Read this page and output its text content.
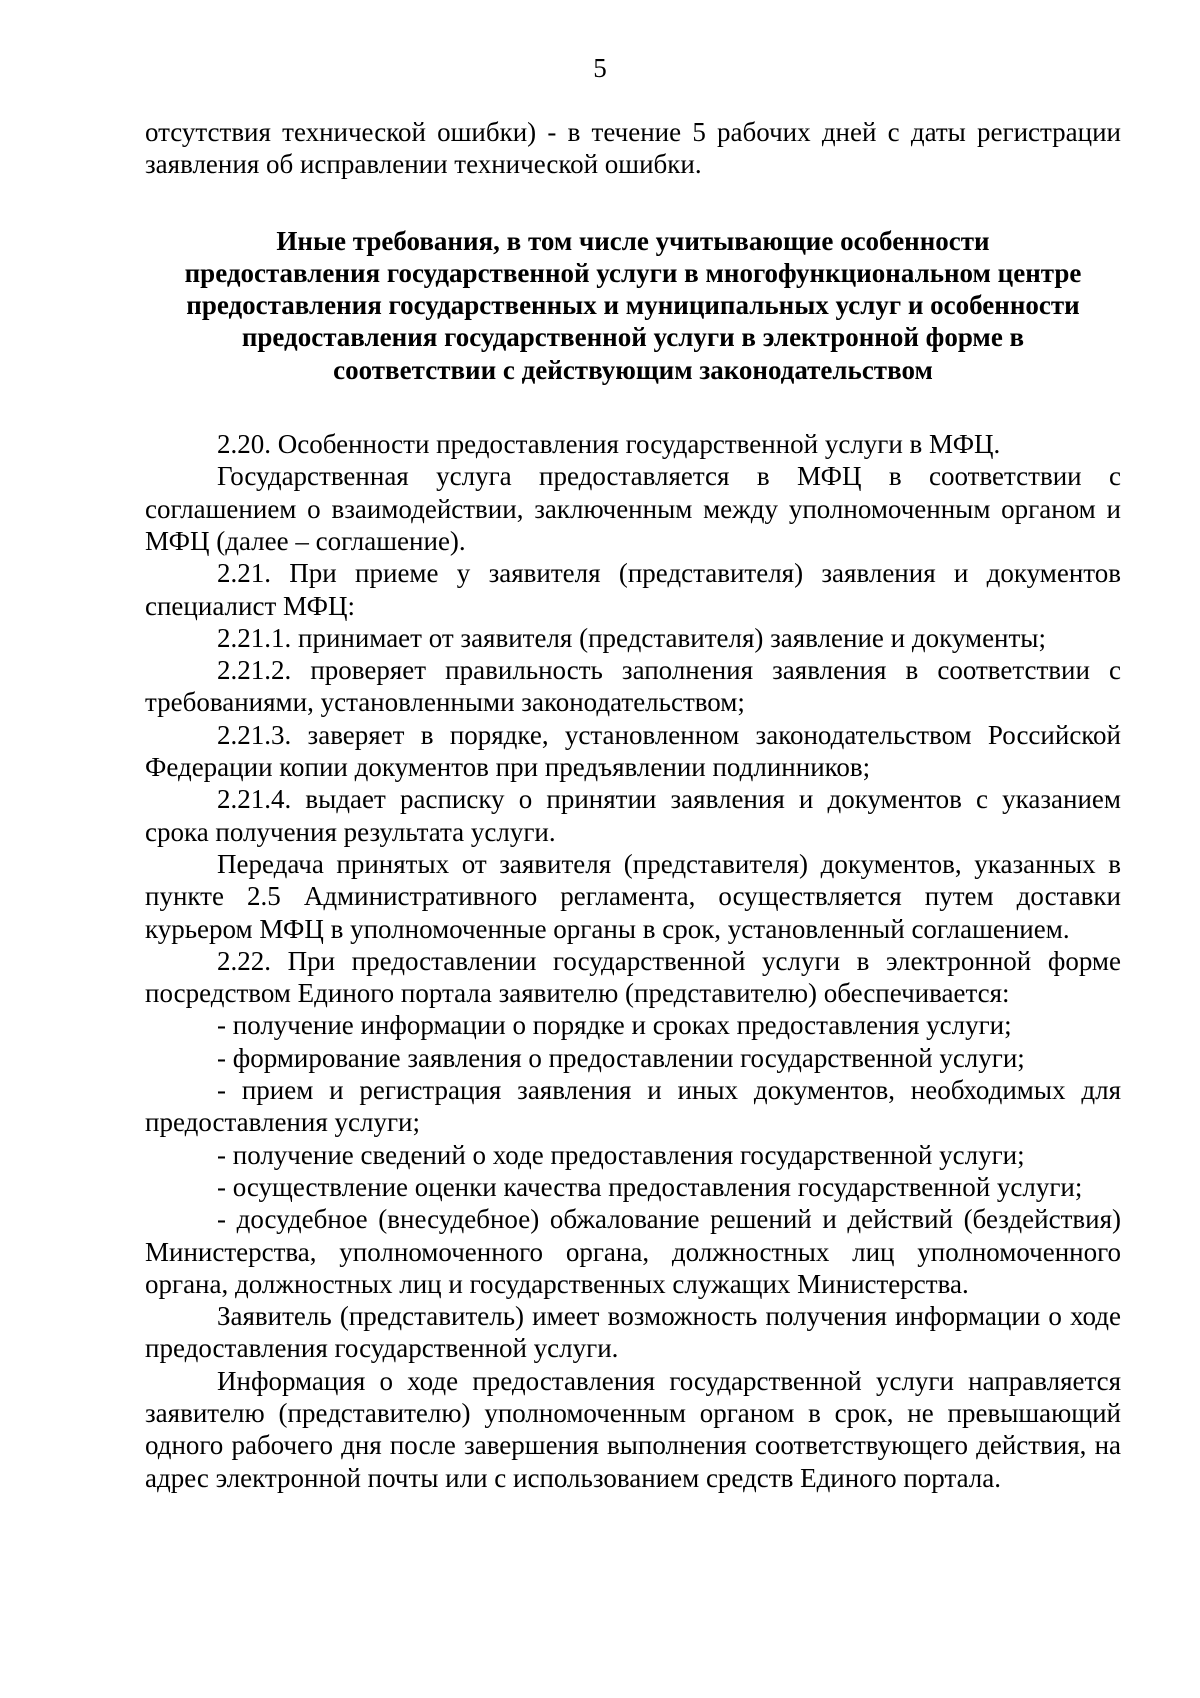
5

отсутствия технической ошибки) - в течение 5 рабочих дней с даты регистрации заявления об исправлении технической ошибки.

Иные требования, в том числе учитывающие особенности
предоставления государственной услуги в многофункциональном центре
предоставления государственных и муниципальных услуг и особенности
предоставления государственной услуги в электронной форме в
соответствии с действующим законодательством

2.20. Особенности предоставления государственной услуги в МФЦ.

Государственная услуга предоставляется в МФЦ в соответствии с соглашением о взаимодействии, заключенным между уполномоченным органом и МФЦ (далее – соглашение).

2.21. При приеме у заявителя (представителя) заявления и документов специалист МФЦ:

2.21.1. принимает от заявителя (представителя) заявление и документы;

2.21.2. проверяет правильность заполнения заявления в соответствии с требованиями, установленными законодательством;

2.21.3. заверяет в порядке, установленном законодательством Российской Федерации копии документов при предъявлении подлинников;

2.21.4. выдает расписку о принятии заявления и документов с указанием срока получения результата услуги.

Передача принятых от заявителя (представителя) документов, указанных в пункте 2.5 Административного регламента, осуществляется путем доставки курьером МФЦ в уполномоченные органы в срок, установленный соглашением.

2.22. При предоставлении государственной услуги в электронной форме посредством Единого портала заявителю (представителю) обеспечивается:

- получение информации о порядке и сроках предоставления услуги;

- формирование заявления о предоставлении государственной услуги;

- прием и регистрация заявления и иных документов, необходимых для предоставления услуги;

- получение сведений о ходе предоставления государственной услуги;

- осуществление оценки качества предоставления государственной услуги;

- досудебное (внесудебное) обжалование решений и действий (бездействия) Министерства, уполномоченного органа, должностных лиц уполномоченного органа, должностных лиц и государственных служащих Министерства.

Заявитель (представитель) имеет возможность получения информации о ходе предоставления государственной услуги.

Информация о ходе предоставления государственной услуги направляется заявителю (представителю) уполномоченным органом в срок, не превышающий одного рабочего дня после завершения выполнения соответствующего действия, на адрес электронной почты или с использованием средств Единого портала.
